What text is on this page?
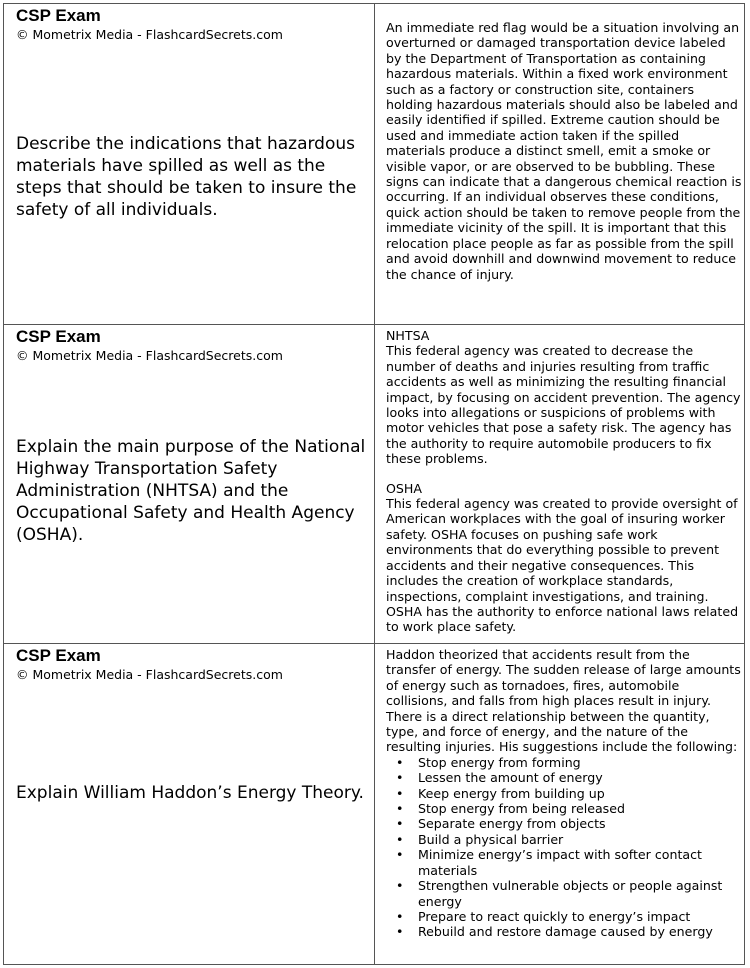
CSP Exam
© Mometrix Media - FlashcardSecrets.com
Describe the indications that hazardous materials have spilled as well as the steps that should be taken to insure the safety of all individuals.

An immediate red flag would be a situation involving an overturned or damaged transportation device labeled by the Department of Transportation as containing hazardous materials. Within a fixed work environment such as a factory or construction site, containers holding hazardous materials should also be labeled and easily identified if spilled. Extreme caution should be used and immediate action taken if the spilled materials produce a distinct smell, emit a smoke or visible vapor, or are observed to be bubbling. These signs can indicate that a dangerous chemical reaction is occurring. If an individual observes these conditions, quick action should be taken to remove people from the immediate vicinity of the spill. It is important that this relocation place people as far as possible from the spill and avoid downhill and downwind movement to reduce the chance of injury.

CSP Exam
© Mometrix Media - FlashcardSecrets.com
Explain the main purpose of the National Highway Transportation Safety Administration (NHTSA) and the Occupational Safety and Health Agency (OSHA).

NHTSA

This federal agency was created to decrease the number of deaths and injuries resulting from traffic accidents as well as minimizing the resulting financial impact, by focusing on accident prevention. The agency looks into allegations or suspicions of problems with motor vehicles that pose a safety risk. The agency has the authority to require automobile producers to fix these problems.

OSHA

This federal agency was created to provide oversight of American workplaces with the goal of insuring worker safety. OSHA focuses on pushing safe work environments that do everything possible to prevent accidents and their negative consequences. This includes the creation of workplace standards, inspections, complaint investigations, and training. OSHA has the authority to enforce national laws related to work place safety.

CSP Exam
© Mometrix Media - FlashcardSecrets.com
Explain William Haddon’s Energy Theory.

Haddon theorized that accidents result from the transfer of energy. The sudden release of large amounts of energy such as tornadoes, fires, automobile collisions, and falls from high places result in injury. There is a direct relationship between the quantity, type, and force of energy, and the nature of the resulting injuries. His suggestions include the following:

• Stop energy from forming
• Lessen the amount of energy
• Keep energy from building up
• Stop energy from being released
• Separate energy from objects
• Build a physical barrier
• Minimize energy’s impact with softer contact materials
• Strengthen vulnerable objects or people against energy
• Prepare to react quickly to energy’s impact
• Rebuild and restore damage caused by energy
